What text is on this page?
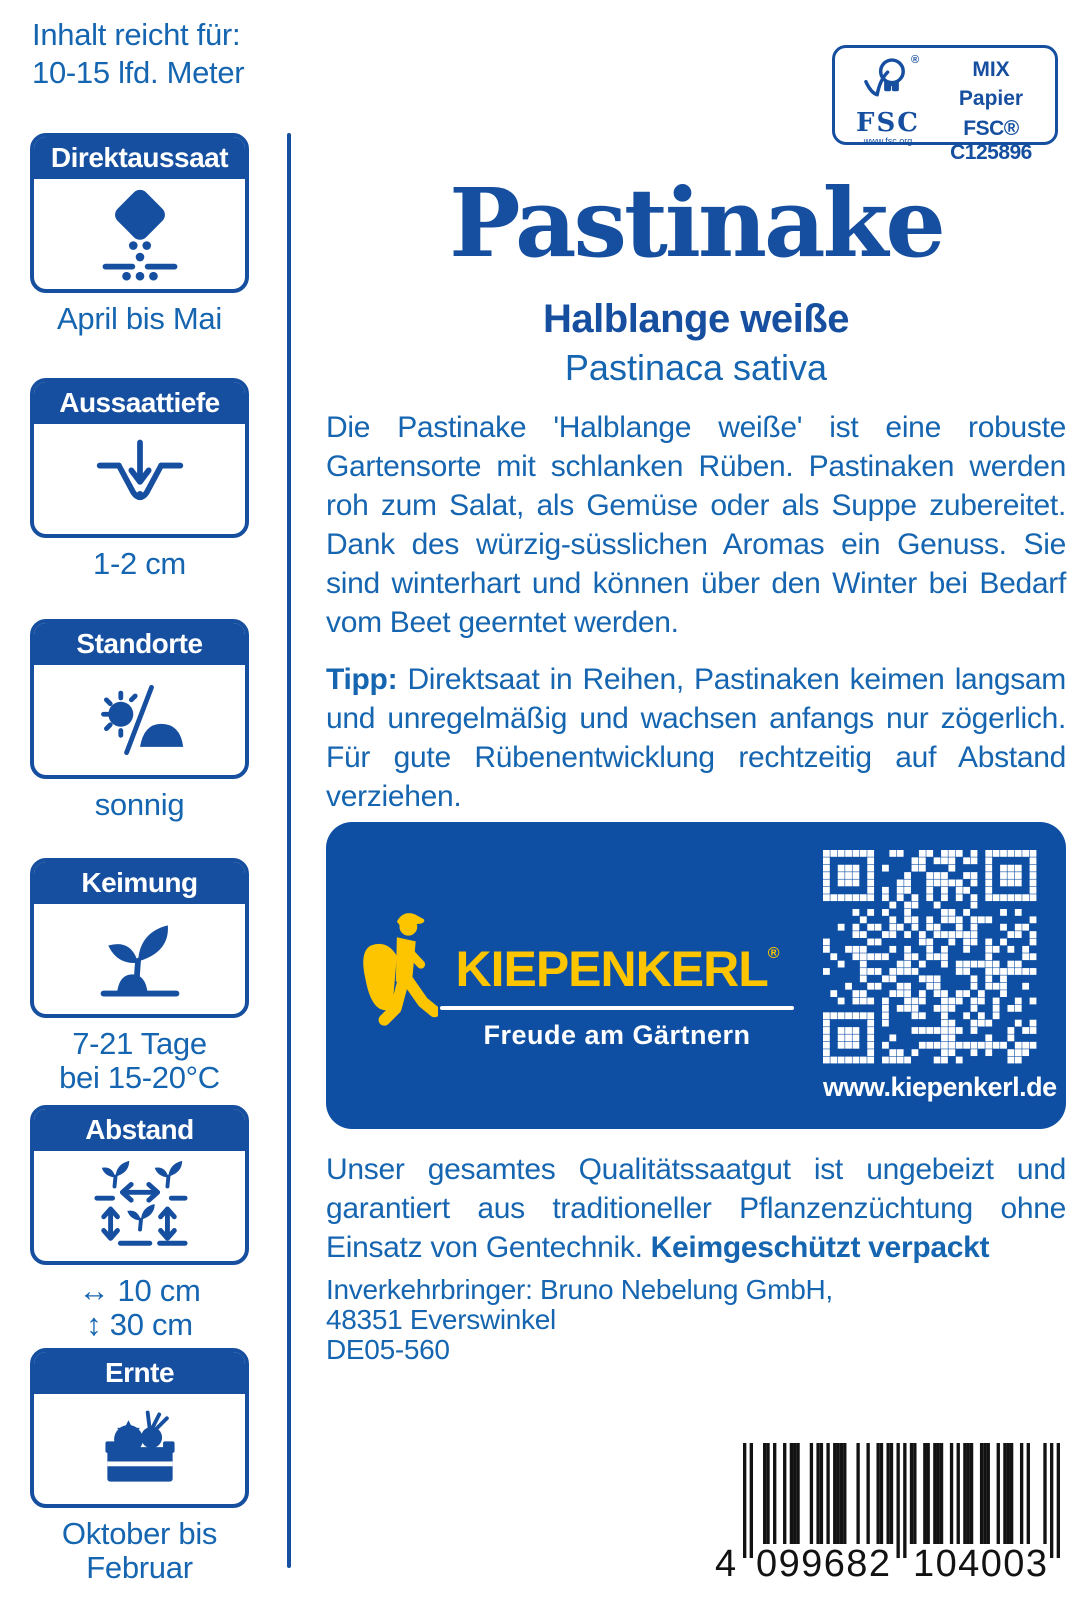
Inhalt reicht für:
10-15 lfd. Meter	®
FSC
www.fsc.org
MIX
Papier
FSC® C125896
Direktaussaat
April bis Mai
Aussaattiefe
1-2 cm
Standorte
sonnig
Keimung
7-21 Tage
bei 15-20°C
Abstand
↔ 10 cm
↕ 30 cm
Ernte
Oktober bis
Februar
Pastinake
Halblange weiße
Pastinaca sativa

Die Pastinake 'Halblange weiße' ist eine robuste Gartensorte mit schlanken Rüben. Pastinaken werden roh zum Salat, als Gemüse oder als Suppe zubereitet. Dank des würzig-süsslichen Aromas ein Genuss. Sie sind winterhart und können über den Winter bei Bedarf vom Beet geerntet werden.

Tipp: Direktsaat in Reihen, Pastinaken keimen langsam und unregelmäßig und wachsen anfangs nur zögerlich. Für gute Rübenentwicklung rechtzeitig auf Abstand verziehen.

KIEPENKERL®
Freude am Gärtnern
www.kiepenkerl.de

Unser gesamtes Qualitätssaatgut ist ungebeizt und garantiert aus traditioneller Pflanzenzüchtung ohne Einsatz von Gentechnik. Keimgeschützt verpackt

Inverkehrbringer: Bruno Nebelung GmbH,
48351 Everswinkel
DE05-560
4 0 9 9 6 8 2 1 0 4 0 0 3
